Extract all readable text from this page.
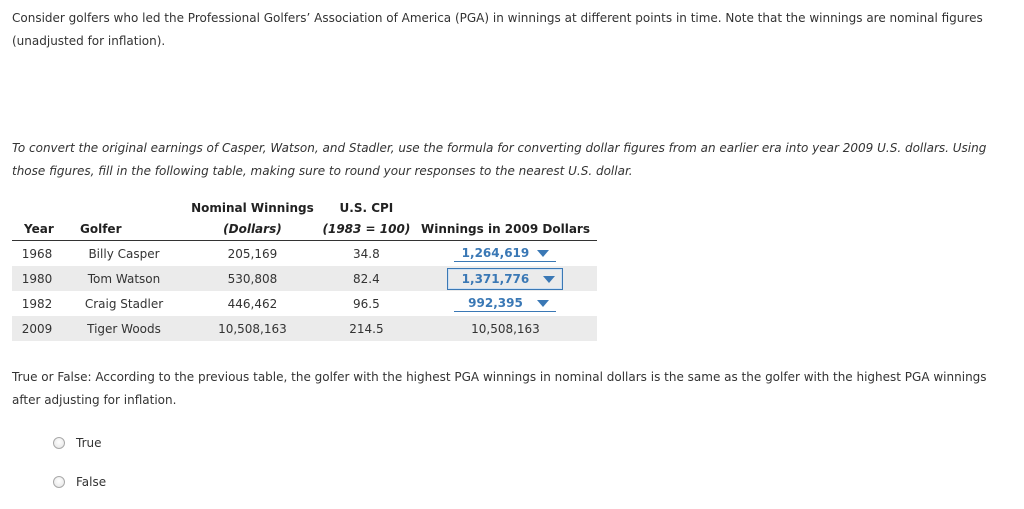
Consider golfers who led the Professional Golfers’ Association of America (PGA) in winnings at different points in time. Note that the winnings are nominal figures (unadjusted for inflation).
To convert the original earnings of Casper, Watson, and Stadler, use the formula for converting dollar figures from an earlier era into year 2009 U.S. dollars. Using those figures, fill in the following table, making sure to round your responses to the nearest U.S. dollar.
		Nominal Winnings	U.S. CPI	
Year	Golfer	(Dollars)	(1983 = 100)	Winnings in 2009 Dollars
1968	Billy Casper	205,169	34.8	1,264,619

1980	Tom Watson	530,808	82.4	1,371,776

1982	Craig Stadler	446,462	96.5	992,395

2009	Tiger Woods	10,508,163	214.5	10,508,163
True or False: According to the previous table, the golfer with the highest PGA winnings in nominal dollars is the same as the golfer with the highest PGA winnings after adjusting for inflation.
True
False
